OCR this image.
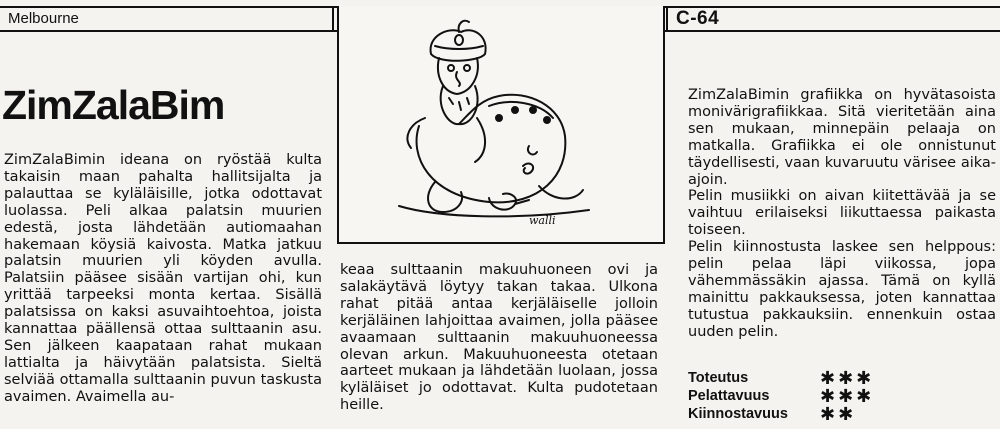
Melbourne	C-64
walli
ZimZalaBim

ZimZalaBimin ideana on ryöstää kulta takaisin maan pahalta hallitsijalta ja palauttaa se kyläläisille, jotka odottavat luolassa. Peli alkaa palatsin muurien edestä, josta lähdetään autiomaahan hakemaan köysiä kaivosta. Matka jatkuu palatsin muurien yli köyden avulla. Palatsiin pääsee sisään vartijan ohi, kun yrittää tarpeeksi monta kertaa. Sisällä palatsissa on kaksi asuvaihtoehtoa, joista kannattaa päällensä ottaa sulttaanin asu. Sen jälkeen kaapataan rahat mukaan lattialta ja häivytään palatsista. Sieltä selviää ottamalla sulttaanin puvun taskusta avaimen. Avaimella au-

keaa sulttaanin makuuhuoneen ovi ja salakäytävä löytyy takan takaa. Ulkona rahat pitää antaa kerjäläiselle jolloin kerjäläinen lahjoittaa avaimen, jolla pääsee avaamaan sulttaanin makuuhuoneessa olevan arkun. Makuuhuoneesta otetaan aarteet mukaan ja lähdetään luolaan, jossa kyläläiset jo odottavat. Kulta pudotetaan heille.

ZimZalaBimin grafiikka on hyvätasoista monivärigrafiikkaa. Sitä vieritetään aina sen mukaan, minnepäin pelaaja on matkalla. Grafiikka ei ole onnistunut täydellisesti, vaan kuvaruutu värisee aika-ajoin.

Pelin musiikki on aivan kiitettävää ja se vaihtuu erilaiseksi liikuttaessa paikasta toiseen.

Pelin kiinnostusta laskee sen helppous: pelin pelaa läpi viikossa, jopa vähemmässäkin ajassa. Tämä on kyllä mainittu pakkauksessa, joten kannattaa tutustua pakkauksiin. ennenkuin ostaa uuden pelin.

Toteutus	✱✱✱
Pelattavuus	✱✱✱
Kiinnostavuus ✱✱
